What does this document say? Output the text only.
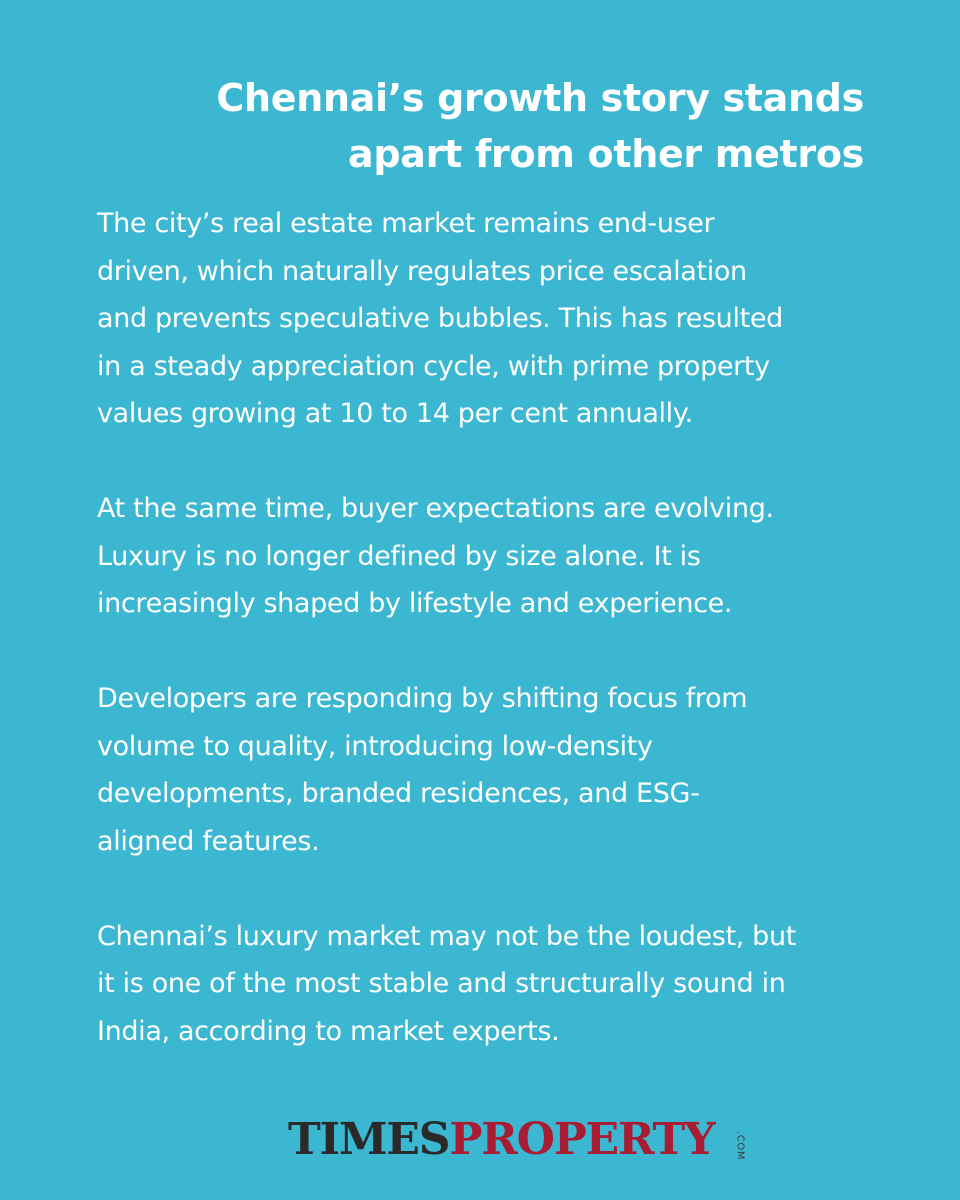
Chennai’s growth story stands
apart from other metros

The city’s real estate market remains end-user
driven, which naturally regulates price escalation
and prevents speculative bubbles. This has resulted
in a steady appreciation cycle, with prime property
values growing at 10 to 14 per cent annually.

At the same time, buyer expectations are evolving.
Luxury is no longer defined by size alone. It is
increasingly shaped by lifestyle and experience.

Developers are responding by shifting focus from
volume to quality, introducing low-density
developments, branded residences, and ESG-
aligned features.

Chennai’s luxury market may not be the loudest, but
it is one of the most stable and structurally sound in
India, according to market experts.

TIMES PROPERTY	.COM
